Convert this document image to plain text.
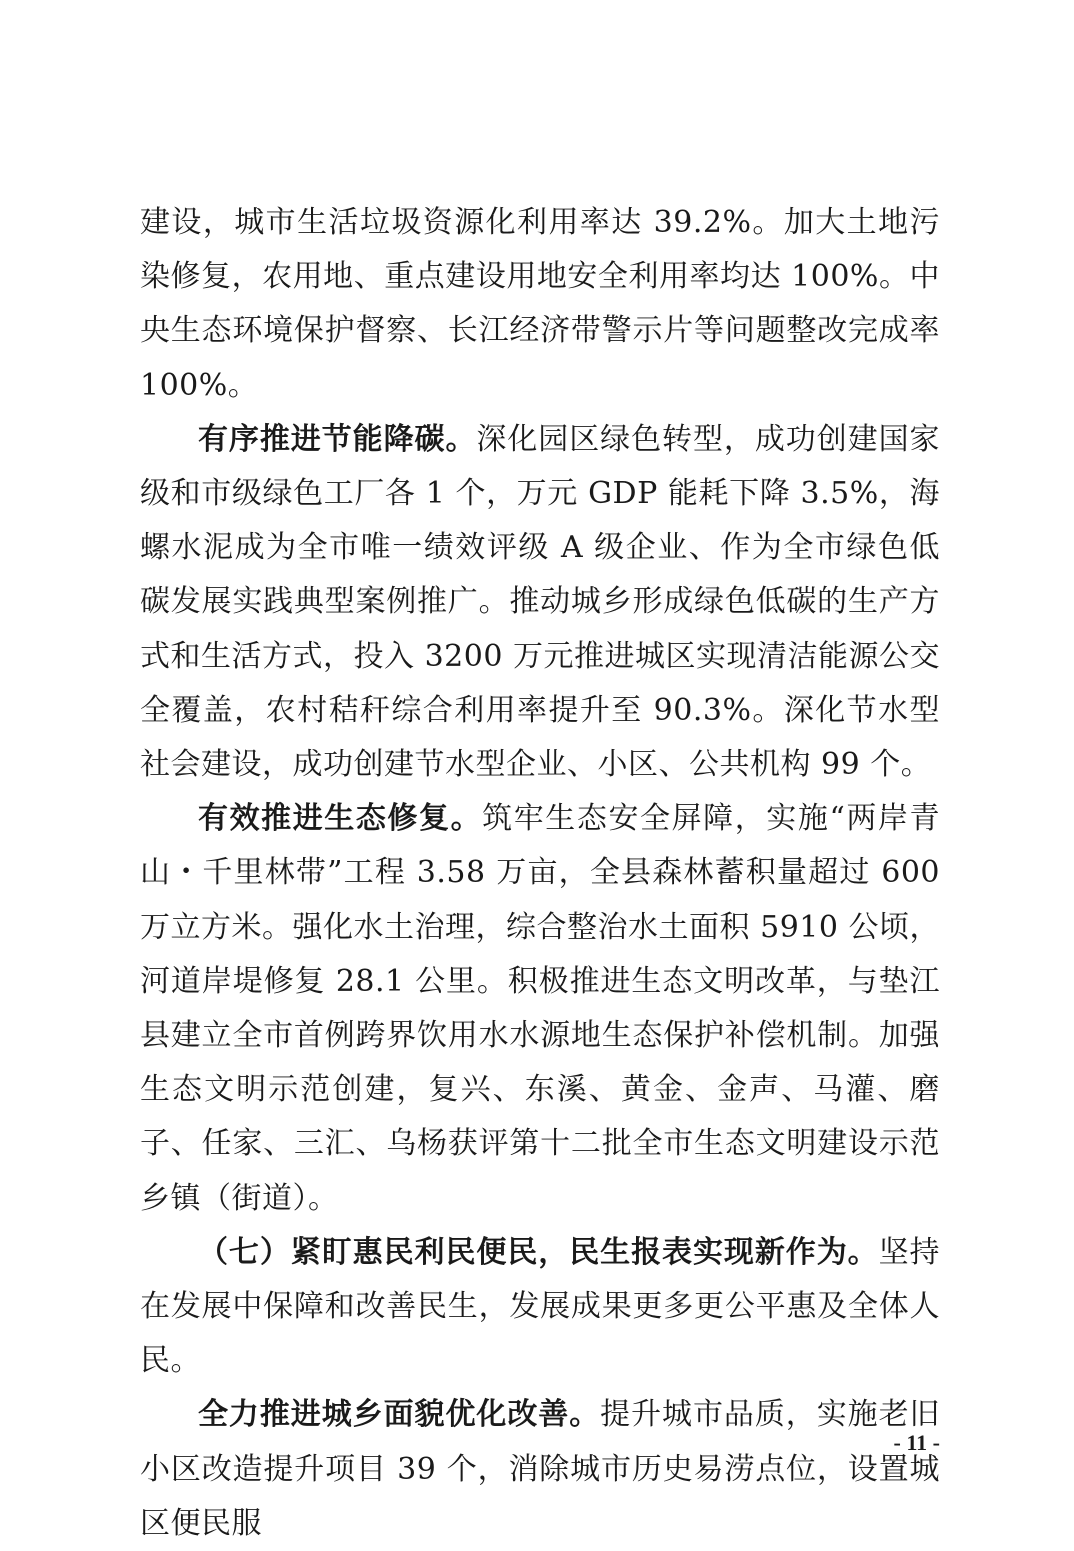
建设，城市生活垃圾资源化利用率达 39.2%。加大土地污染修复，农用地、重点建设用地安全利用率均达 100%。中央生态环境保护督察、长江经济带警示片等问题整改完成率 100%。

有序推进节能降碳。深化园区绿色转型，成功创建国家级和市级绿色工厂各 1 个，万元 GDP 能耗下降 3.5%，海螺水泥成为全市唯一绩效评级 A 级企业、作为全市绿色低碳发展实践典型案例推广。推动城乡形成绿色低碳的生产方式和生活方式，投入 3200 万元推进城区实现清洁能源公交全覆盖，农村秸秆综合利用率提升至 90.3%。深化节水型社会建设，成功创建节水型企业、小区、公共机构 99 个。

有效推进生态修复。筑牢生态安全屏障，实施“两岸青山・千里林带”工程 3.58 万亩，全县森林蓄积量超过 600 万立方米。强化水土治理，综合整治水土面积 5910 公顷，河道岸堤修复 28.1 公里。积极推进生态文明改革，与垫江县建立全市首例跨界饮用水水源地生态保护补偿机制。加强生态文明示范创建，复兴、东溪、黄金、金声、马灌、磨子、任家、三汇、乌杨获评第十二批全市生态文明建设示范乡镇（街道）。

（七）紧盯惠民利民便民，民生报表实现新作为。坚持在发展中保障和改善民生，发展成果更多更公平惠及全体人民。

全力推进城乡面貌优化改善。提升城市品质，实施老旧小区改造提升项目 39 个，消除城市历史易涝点位，设置城区便民服

- 11 -
